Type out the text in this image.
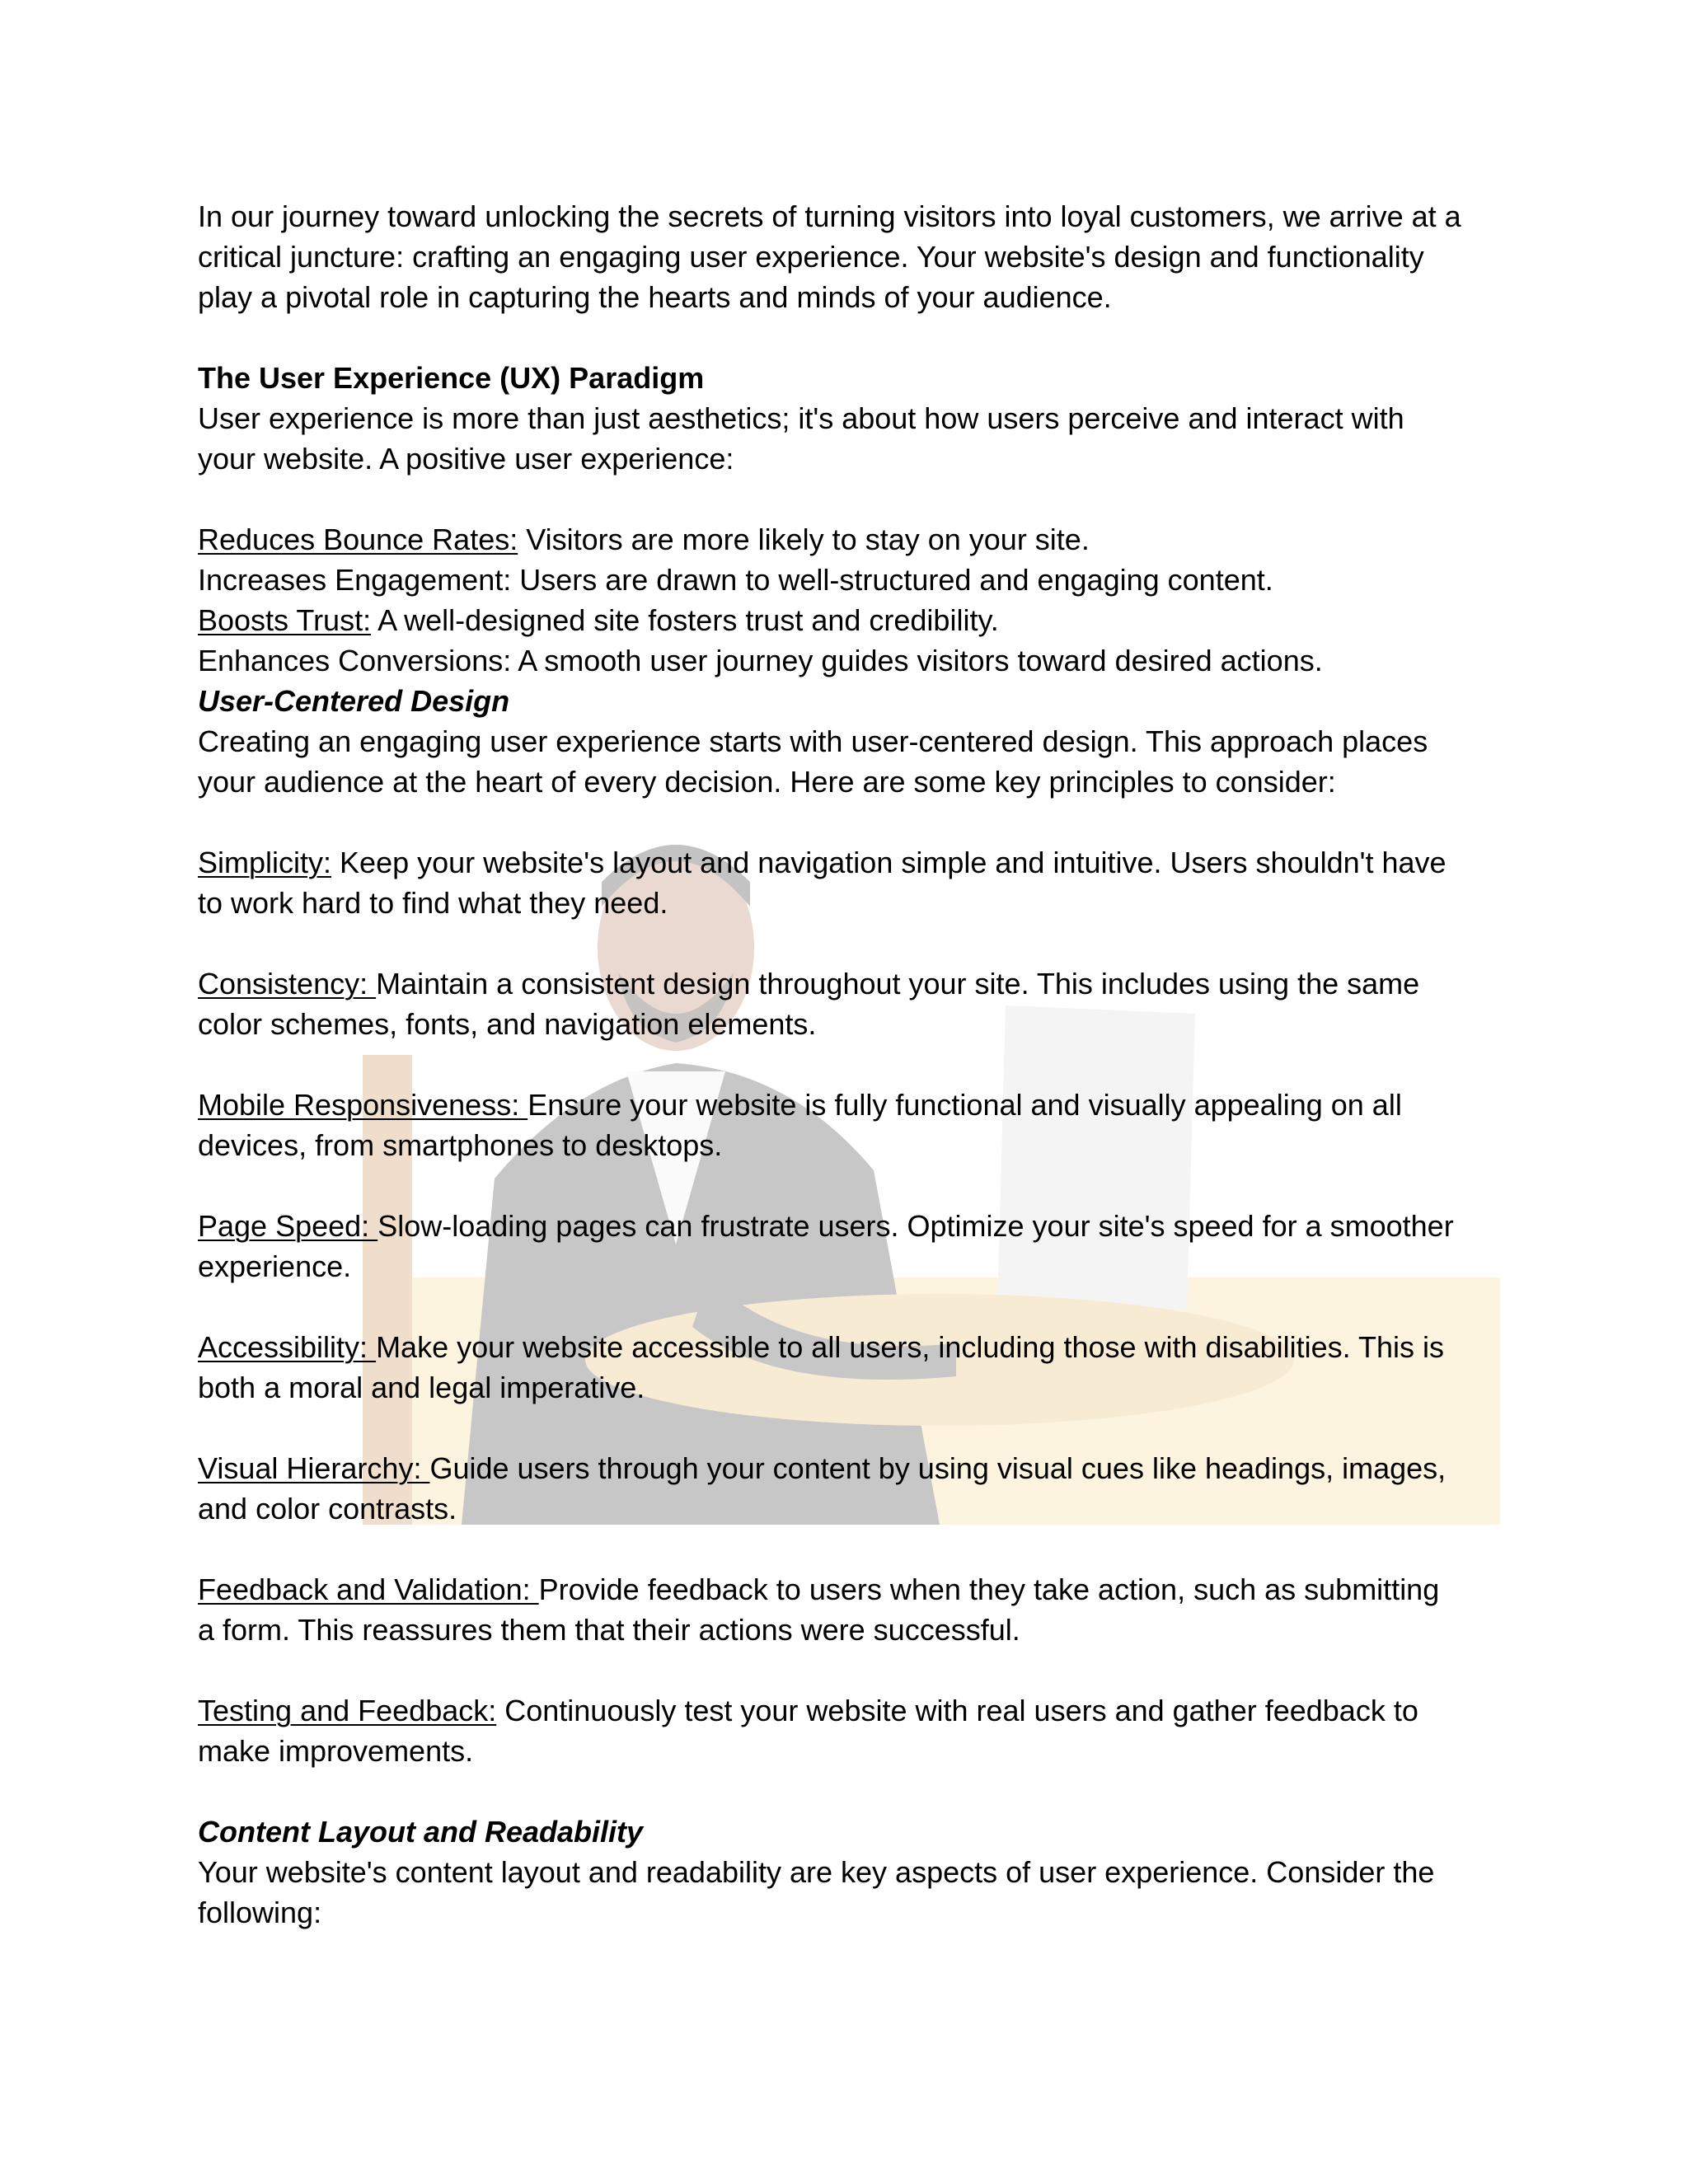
In our journey toward unlocking the secrets of turning visitors into loyal customers, we arrive at a

critical juncture: crafting an engaging user experience. Your website's design and functionality

play a pivotal role in capturing the hearts and minds of your audience.

The User Experience (UX) Paradigm

User experience is more than just aesthetics; it's about how users perceive and interact with

your website. A positive user experience:

Reduces Bounce Rates: Visitors are more likely to stay on your site.

Increases Engagement: Users are drawn to well-structured and engaging content.

Boosts Trust: A well-designed site fosters trust and credibility.

Enhances Conversions: A smooth user journey guides visitors toward desired actions.

User-Centered Design

Creating an engaging user experience starts with user-centered design. This approach places

your audience at the heart of every decision. Here are some key principles to consider:

Simplicity: Keep your website's layout and navigation simple and intuitive. Users shouldn't have

to work hard to find what they need.

Consistency: Maintain a consistent design throughout your site. This includes using the same

color schemes, fonts, and navigation elements.

Mobile Responsiveness: Ensure your website is fully functional and visually appealing on all

devices, from smartphones to desktops.

Page Speed: Slow-loading pages can frustrate users. Optimize your site's speed for a smoother

experience.

Accessibility: Make your website accessible to all users, including those with disabilities. This is

both a moral and legal imperative.

Visual Hierarchy: Guide users through your content by using visual cues like headings, images,

and color contrasts.

Feedback and Validation: Provide feedback to users when they take action, such as submitting

a form. This reassures them that their actions were successful.

Testing and Feedback: Continuously test your website with real users and gather feedback to

make improvements.

Content Layout and Readability

Your website's content layout and readability are key aspects of user experience. Consider the

following:
